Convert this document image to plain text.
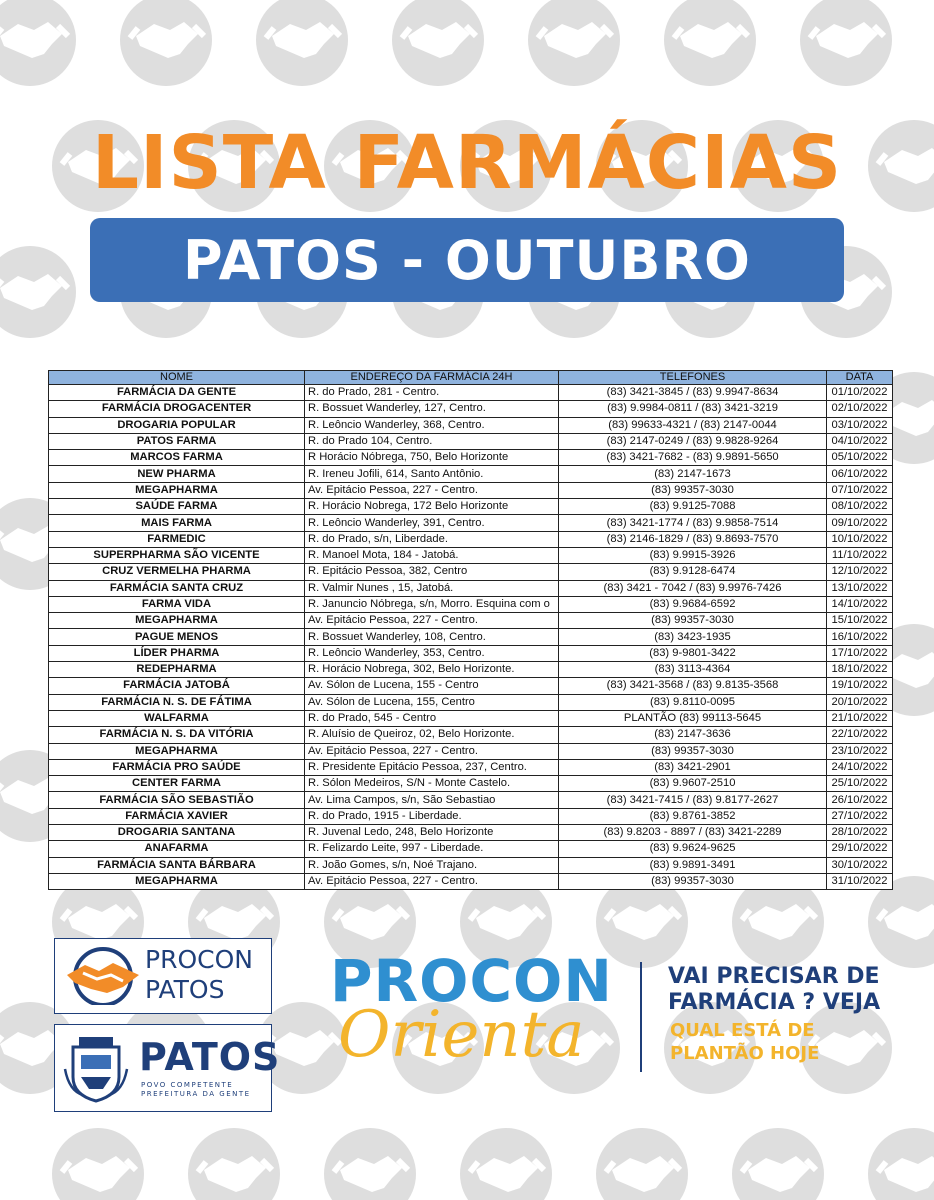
LISTA FARMÁCIAS
PATOS - OUTUBRO
NOME	ENDEREÇO DA FARMÁCIA 24H	TELEFONES	DATA
FARMÁCIA DA GENTE	R. do Prado, 281 - Centro.	(83) 3421-3845 / (83) 9.9947-8634	01/10/2022
FARMÁCIA DROGACENTER	R. Bossuet Wanderley, 127, Centro.	(83) 9.9984-0811 / (83) 3421-3219	02/10/2022
DROGARIA POPULAR	R. Leôncio Wanderley, 368, Centro.	(83) 99633-4321 / (83) 2147-0044	03/10/2022
PATOS FARMA	R. do Prado 104, Centro.	(83) 2147-0249 / (83) 9.9828-9264	04/10/2022
MARCOS FARMA	R Horácio Nóbrega, 750, Belo Horizonte	(83) 3421-7682 - (83) 9.9891-5650	05/10/2022
NEW PHARMA	R. Ireneu Jofili, 614, Santo Antônio.	(83) 2147-1673	06/10/2022
MEGAPHARMA	Av. Epitácio Pessoa, 227 - Centro.	(83) 99357-3030	07/10/2022
SAÚDE FARMA	R. Horácio Nobrega, 172 Belo Horizonte	(83) 9.9125-7088	08/10/2022
MAIS FARMA	R. Leôncio Wanderley, 391, Centro.	(83) 3421-1774 / (83) 9.9858-7514	09/10/2022
FARMEDIC	R. do Prado, s/n, Liberdade.	(83) 2146-1829 / (83) 9.8693-7570	10/10/2022
SUPERPHARMA SÃO VICENTE	R. Manoel Mota, 184 - Jatobá.	(83) 9.9915-3926	11/10/2022
CRUZ VERMELHA PHARMA	R. Epitácio Pessoa, 382, Centro	(83) 9.9128-6474	12/10/2022
FARMÁCIA SANTA CRUZ	R. Valmir Nunes , 15, Jatobá.	(83) 3421 - 7042 / (83) 9.9976-7426	13/10/2022
FARMA VIDA	R. Januncio Nóbrega, s/n, Morro. Esquina com o	(83) 9.9684-6592	14/10/2022
MEGAPHARMA	Av. Epitácio Pessoa, 227 - Centro.	(83) 99357-3030	15/10/2022
PAGUE MENOS	R. Bossuet Wanderley, 108, Centro.	(83) 3423-1935	16/10/2022
LÍDER PHARMA	R. Leôncio Wanderley, 353, Centro.	(83) 9-9801-3422	17/10/2022
REDEPHARMA	R. Horácio Nobrega, 302, Belo Horizonte.	(83) 3113-4364	18/10/2022
FARMÁCIA JATOBÁ	Av. Sólon de Lucena, 155 - Centro	(83) 3421-3568 / (83) 9.8135-3568	19/10/2022
FARMÁCIA N. S. DE FÁTIMA	Av. Sólon de Lucena, 155, Centro	(83) 9.8110-0095	20/10/2022
WALFARMA	R. do Prado, 545 - Centro	PLANTÃO (83) 99113-5645	21/10/2022
FARMÁCIA N. S. DA VITÓRIA	R. Aluísio de Queiroz, 02, Belo Horizonte.	(83) 2147-3636	22/10/2022
MEGAPHARMA	Av. Epitácio Pessoa, 227 - Centro.	(83) 99357-3030	23/10/2022
FARMÁCIA PRO SAÚDE	R. Presidente Epitácio Pessoa, 237, Centro.	(83) 3421-2901	24/10/2022
CENTER FARMA	R. Sólon Medeiros, S/N - Monte Castelo.	(83) 9.9607-2510	25/10/2022
FARMÁCIA SÃO SEBASTIÃO	Av. Lima Campos, s/n, São Sebastiao	(83) 3421-7415 / (83) 9.8177-2627	26/10/2022
FARMÁCIA XAVIER	R. do Prado, 1915 - Liberdade.	(83) 9.8761-3852	27/10/2022
DROGARIA SANTANA	R. Juvenal Ledo, 248, Belo Horizonte	(83) 9.8203 - 8897 / (83) 3421-2289	28/10/2022
ANAFARMA	R. Felizardo Leite, 997 - Liberdade.	(83) 9.9624-9625	29/10/2022
FARMÁCIA SANTA BÁRBARA	R. João Gomes, s/n, Noé Trajano.	(83) 9.9891-3491	30/10/2022
MEGAPHARMA	Av. Epitácio Pessoa, 227 - Centro.	(83) 99357-3030	31/10/2022
PROCON
PATOS
PATOS
POVO COMPETENTE
PREFEITURA DA GENTE
PROCON
Orienta
VAI PRECISAR DE
FARMÁCIA ? VEJA
QUAL ESTÁ DE
PLANTÃO HOJE
